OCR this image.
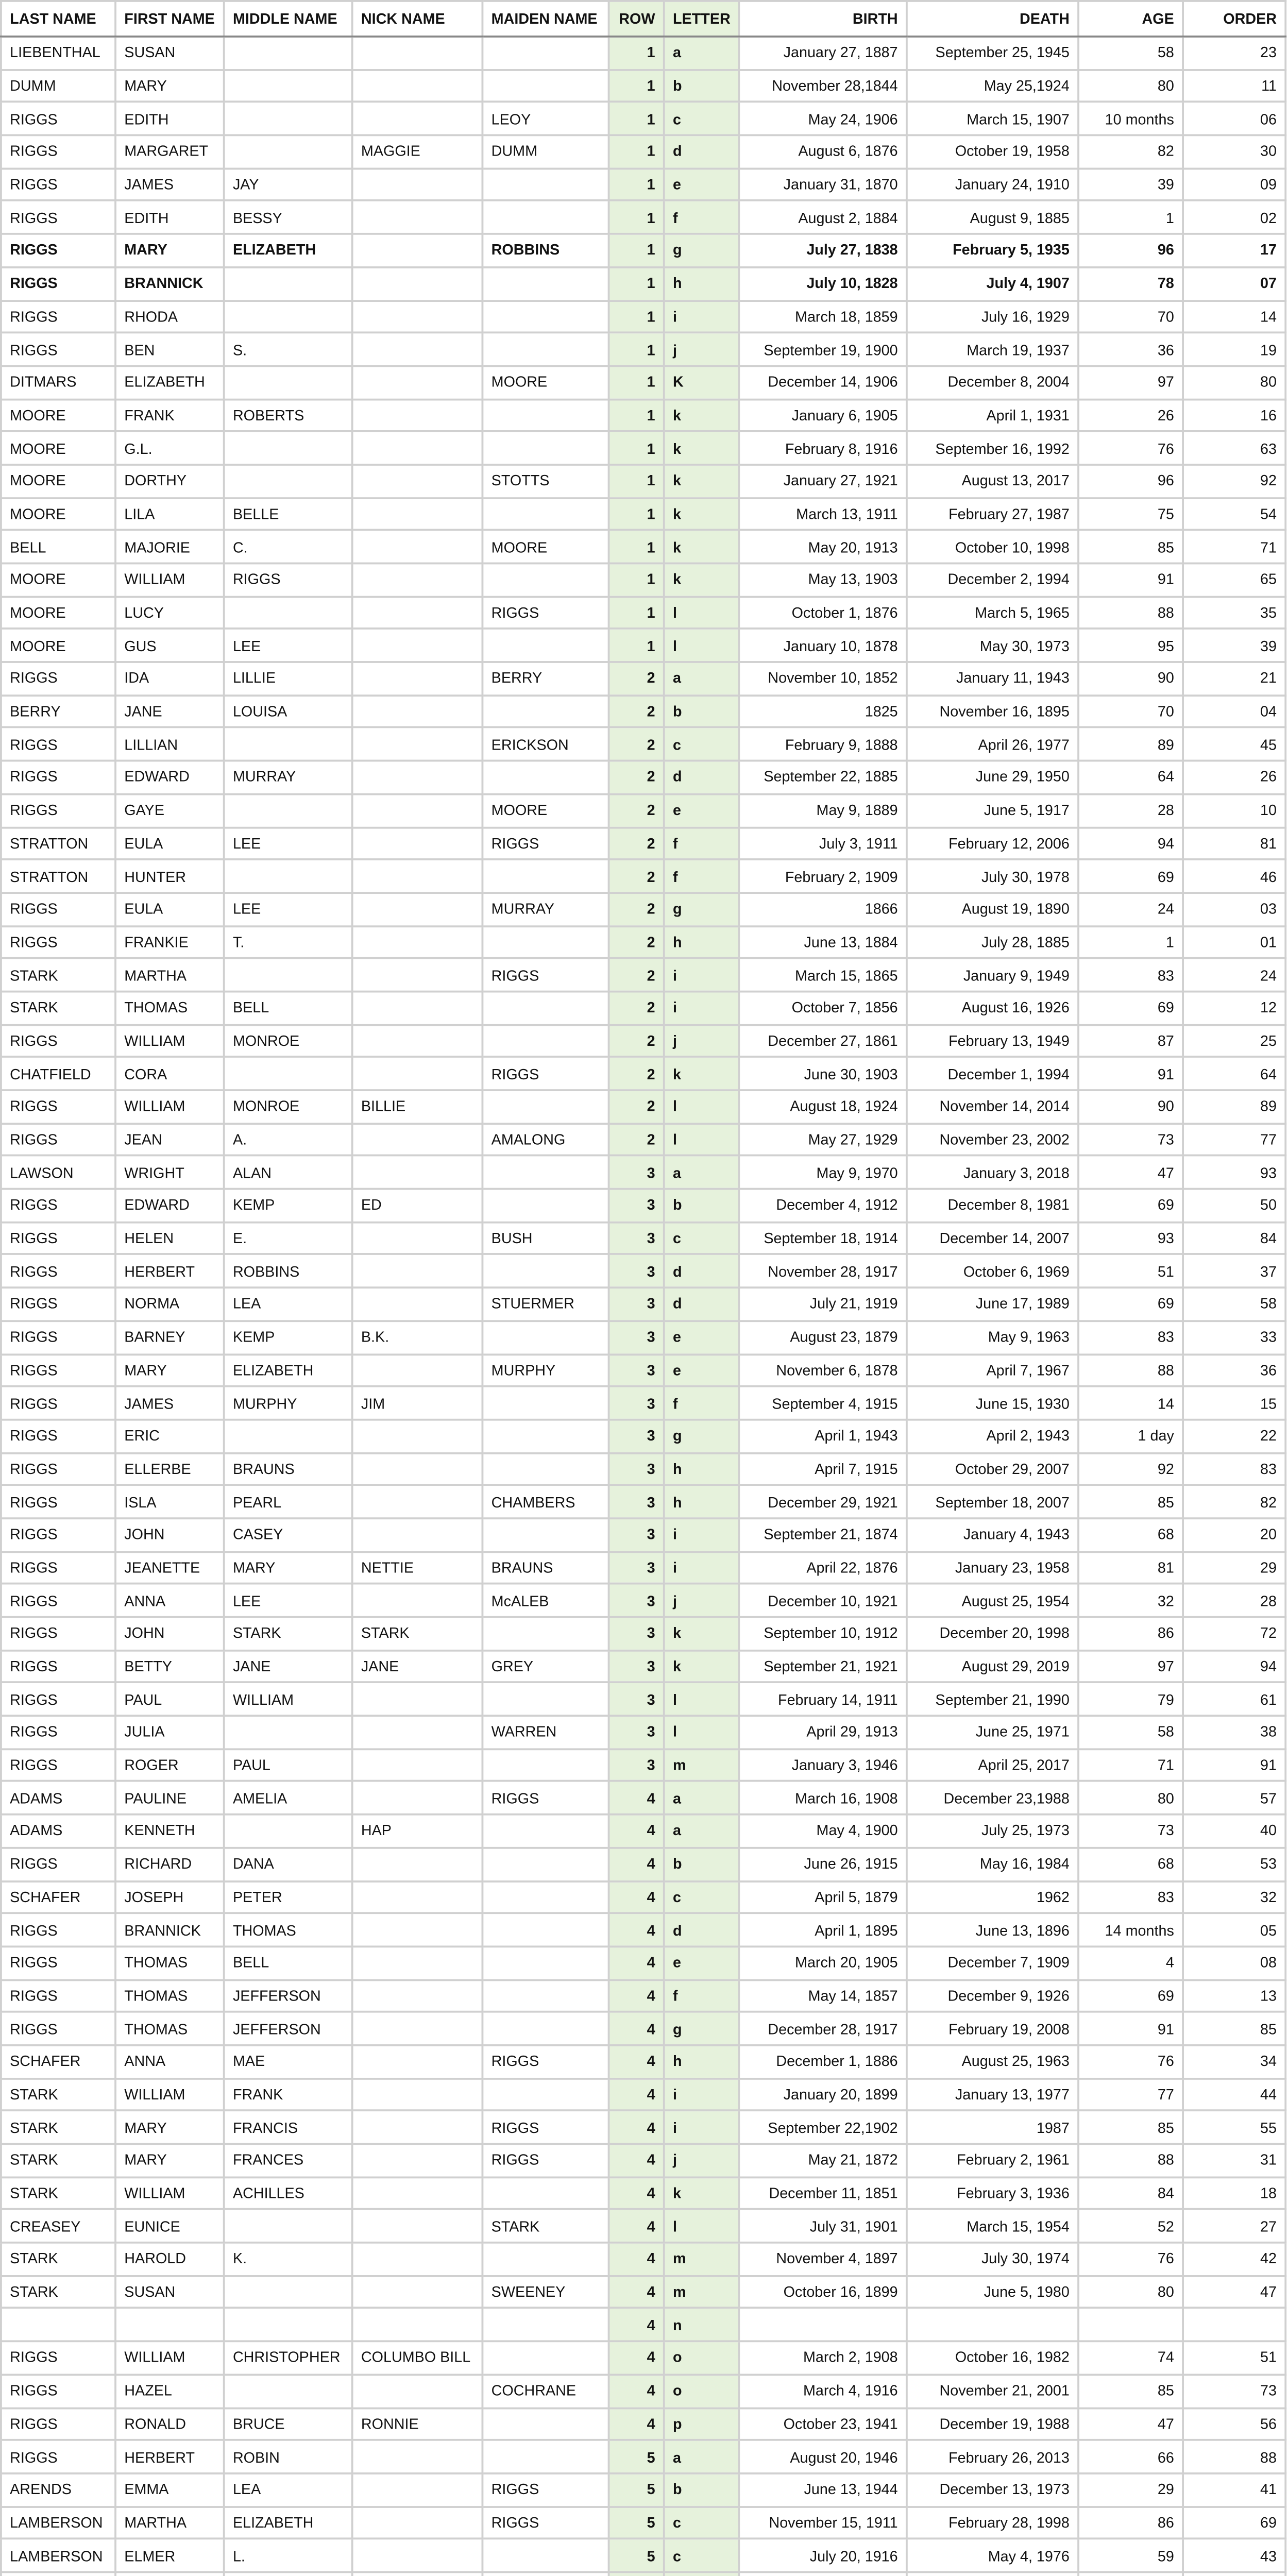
LAST NAME	FIRST NAME	MIDDLE NAME	NICK NAME	MAIDEN NAME	ROW	LETTER	BIRTH	DEATH	AGE	ORDER
LIEBENTHAL	SUSAN				1	a	January 27, 1887	September 25, 1945	58	23
DUMM	MARY				1	b	November 28,1844	May 25,1924	80	11
RIGGS	EDITH			LEOY	1	c	May 24, 1906	March 15, 1907	10 months	06
RIGGS	MARGARET		MAGGIE	DUMM	1	d	August 6, 1876	October 19, 1958	82	30
RIGGS	JAMES	JAY			1	e	January 31, 1870	January 24, 1910	39	09
RIGGS	EDITH	BESSY			1	f	August 2, 1884	August 9, 1885	1	02
RIGGS	MARY	ELIZABETH		ROBBINS	1	g	July 27, 1838	February 5, 1935	96	17
RIGGS	BRANNICK				1	h	July 10, 1828	July 4, 1907	78	07
RIGGS	RHODA				1	i	March 18, 1859	July 16, 1929	70	14
RIGGS	BEN	S.			1	j	September 19, 1900	March 19, 1937	36	19
DITMARS	ELIZABETH			MOORE	1	K	December 14, 1906	December 8, 2004	97	80
MOORE	FRANK	ROBERTS			1	k	January 6, 1905	April 1, 1931	26	16
MOORE	G.L.				1	k	February 8, 1916	September 16, 1992	76	63
MOORE	DORTHY			STOTTS	1	k	January 27, 1921	August 13, 2017	96	92
MOORE	LILA	BELLE			1	k	March 13, 1911	February 27, 1987	75	54
BELL	MAJORIE	C.		MOORE	1	k	May 20, 1913	October 10, 1998	85	71
MOORE	WILLIAM	RIGGS			1	k	May 13, 1903	December 2, 1994	91	65
MOORE	LUCY			RIGGS	1	l	October 1, 1876	March 5, 1965	88	35
MOORE	GUS	LEE			1	l	January 10, 1878	May 30, 1973	95	39
RIGGS	IDA	LILLIE		BERRY	2	a	November 10, 1852	January 11, 1943	90	21
BERRY	JANE	LOUISA			2	b	1825	November 16, 1895	70	04
RIGGS	LILLIAN			ERICKSON	2	c	February 9, 1888	April 26, 1977	89	45
RIGGS	EDWARD	MURRAY			2	d	September 22, 1885	June 29, 1950	64	26
RIGGS	GAYE			MOORE	2	e	May 9, 1889	June 5, 1917	28	10
STRATTON	EULA	LEE		RIGGS	2	f	July 3, 1911	February 12, 2006	94	81
STRATTON	HUNTER				2	f	February 2, 1909	July 30, 1978	69	46
RIGGS	EULA	LEE		MURRAY	2	g	1866	August 19, 1890	24	03
RIGGS	FRANKIE	T.			2	h	June 13, 1884	July 28, 1885	1	01
STARK	MARTHA			RIGGS	2	i	March 15, 1865	January 9, 1949	83	24
STARK	THOMAS	BELL			2	i	October 7, 1856	August 16, 1926	69	12
RIGGS	WILLIAM	MONROE			2	j	December 27, 1861	February 13, 1949	87	25
CHATFIELD	CORA			RIGGS	2	k	June 30, 1903	December 1, 1994	91	64
RIGGS	WILLIAM	MONROE	BILLIE		2	l	August 18, 1924	November 14, 2014	90	89
RIGGS	JEAN	A.		AMALONG	2	l	May 27, 1929	November 23, 2002	73	77
LAWSON	WRIGHT	ALAN			3	a	May 9, 1970	January 3, 2018	47	93
RIGGS	EDWARD	KEMP	ED		3	b	December 4, 1912	December 8, 1981	69	50
RIGGS	HELEN	E.		BUSH	3	c	September 18, 1914	December 14, 2007	93	84
RIGGS	HERBERT	ROBBINS			3	d	November 28, 1917	October 6, 1969	51	37
RIGGS	NORMA	LEA		STUERMER	3	d	July 21, 1919	June 17, 1989	69	58
RIGGS	BARNEY	KEMP	B.K.		3	e	August 23, 1879	May 9, 1963	83	33
RIGGS	MARY	ELIZABETH		MURPHY	3	e	November 6, 1878	April 7, 1967	88	36
RIGGS	JAMES	MURPHY	JIM		3	f	September 4, 1915	June 15, 1930	14	15
RIGGS	ERIC				3	g	April 1, 1943	April 2, 1943	1 day	22
RIGGS	ELLERBE	BRAUNS			3	h	April 7, 1915	October 29, 2007	92	83
RIGGS	ISLA	PEARL		CHAMBERS	3	h	December 29, 1921	September 18, 2007	85	82
RIGGS	JOHN	CASEY			3	i	September 21, 1874	January 4, 1943	68	20
RIGGS	JEANETTE	MARY	NETTIE	BRAUNS	3	i	April 22, 1876	January 23, 1958	81	29
RIGGS	ANNA	LEE		McALEB	3	j	December 10, 1921	August 25, 1954	32	28
RIGGS	JOHN	STARK	STARK		3	k	September 10, 1912	December 20, 1998	86	72
RIGGS	BETTY	JANE	JANE	GREY	3	k	September 21, 1921	August 29, 2019	97	94
RIGGS	PAUL	WILLIAM			3	l	February 14, 1911	September 21, 1990	79	61
RIGGS	JULIA			WARREN	3	l	April 29, 1913	June 25, 1971	58	38
RIGGS	ROGER	PAUL			3	m	January 3, 1946	April 25, 2017	71	91
ADAMS	PAULINE	AMELIA		RIGGS	4	a	March 16, 1908	December 23,1988	80	57
ADAMS	KENNETH		HAP		4	a	May 4, 1900	July 25, 1973	73	40
RIGGS	RICHARD	DANA			4	b	June 26, 1915	May 16, 1984	68	53
SCHAFER	JOSEPH	PETER			4	c	April 5, 1879	1962	83	32
RIGGS	BRANNICK	THOMAS			4	d	April 1, 1895	June 13, 1896	14 months	05
RIGGS	THOMAS	BELL			4	e	March 20, 1905	December 7, 1909	4	08
RIGGS	THOMAS	JEFFERSON			4	f	May 14, 1857	December 9, 1926	69	13
RIGGS	THOMAS	JEFFERSON			4	g	December 28, 1917	February 19, 2008	91	85
SCHAFER	ANNA	MAE		RIGGS	4	h	December 1, 1886	August 25, 1963	76	34
STARK	WILLIAM	FRANK			4	i	January 20, 1899	January 13, 1977	77	44
STARK	MARY	FRANCIS		RIGGS	4	i	September 22,1902	1987	85	55
STARK	MARY	FRANCES		RIGGS	4	j	May 21, 1872	February 2, 1961	88	31
STARK	WILLIAM	ACHILLES			4	k	December 11, 1851	February 3, 1936	84	18
CREASEY	EUNICE			STARK	4	l	July 31, 1901	March 15, 1954	52	27
STARK	HAROLD	K.			4	m	November 4, 1897	July 30, 1974	76	42
STARK	SUSAN			SWEENEY	4	m	October 16, 1899	June 5, 1980	80	47
					4	n				
RIGGS	WILLIAM	CHRISTOPHER	COLUMBO BILL		4	o	March 2, 1908	October 16, 1982	74	51
RIGGS	HAZEL			COCHRANE	4	o	March 4, 1916	November 21, 2001	85	73
RIGGS	RONALD	BRUCE	RONNIE		4	p	October 23, 1941	December 19, 1988	47	56
RIGGS	HERBERT	ROBIN			5	a	August 20, 1946	February 26, 2013	66	88
ARENDS	EMMA	LEA		RIGGS	5	b	June 13, 1944	December 13, 1973	29	41
LAMBERSON	MARTHA	ELIZABETH		RIGGS	5	c	November 15, 1911	February 28, 1998	86	69
LAMBERSON	ELMER	L.			5	c	July 20, 1916	May 4, 1976	59	43
